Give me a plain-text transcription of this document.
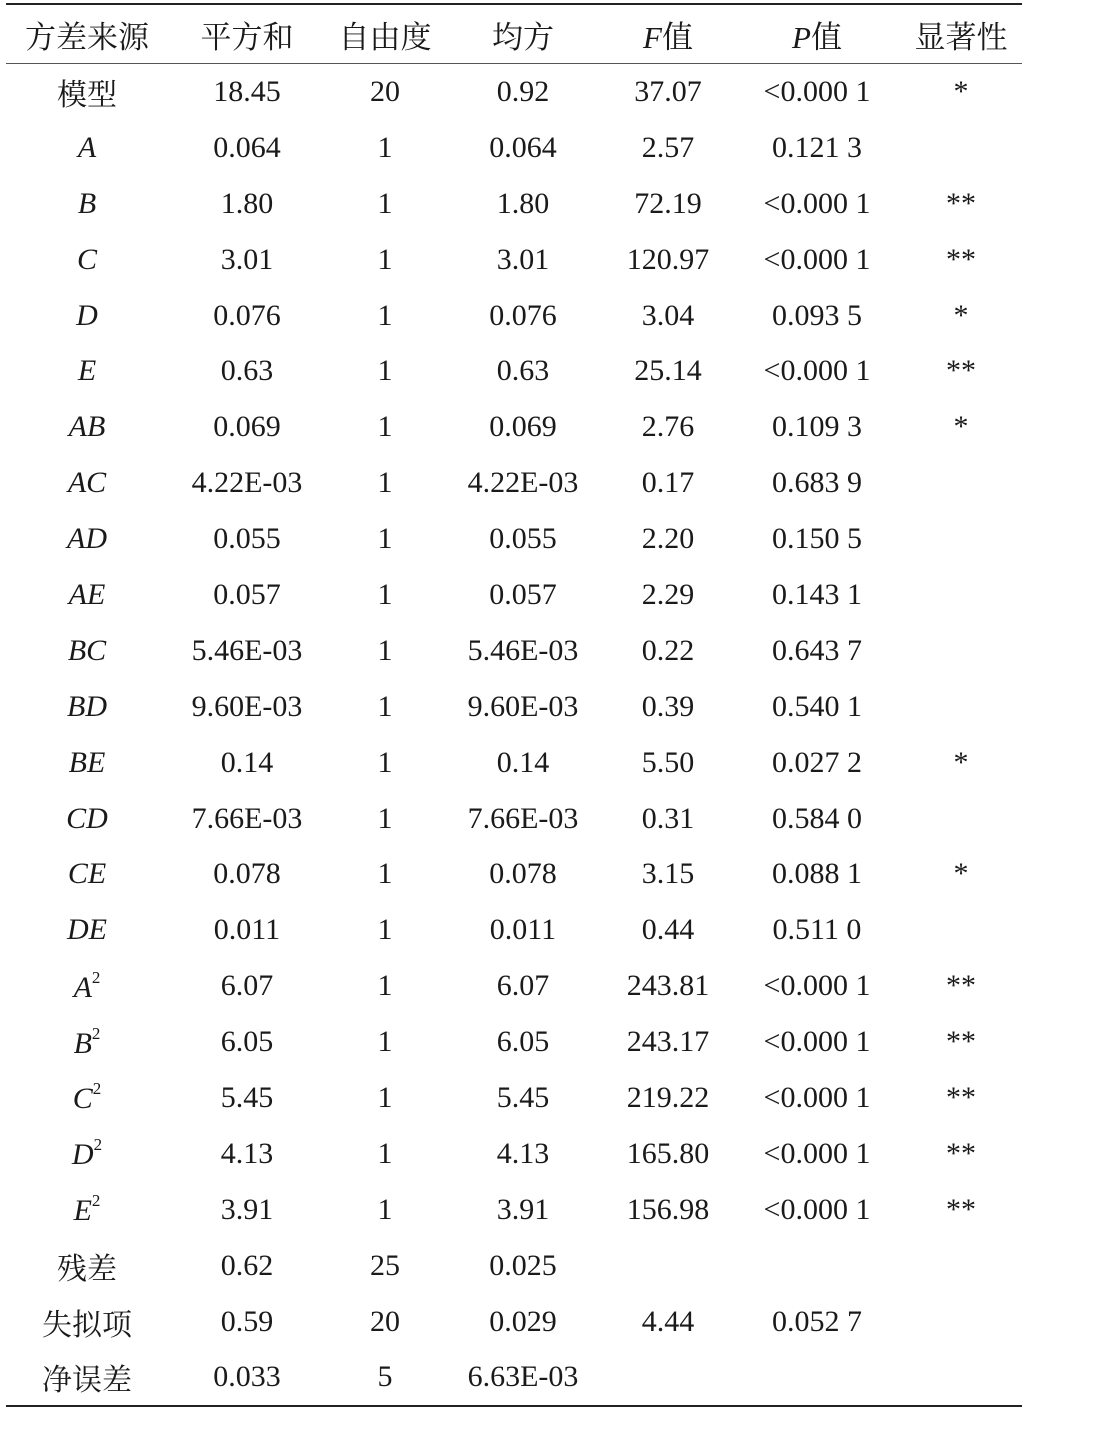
方差来源	平方和	自由度	均方	F值	P值	显著性
模型	18.45	20	0.92	37.07	<0.000 1	*
A	0.064	1	0.064	2.57	0.121 3	
B	1.80	1	1.80	72.19	<0.000 1	**
C	3.01	1	3.01	120.97	<0.000 1	**
D	0.076	1	0.076	3.04	0.093 5	*
E	0.63	1	0.63	25.14	<0.000 1	**
AB	0.069	1	0.069	2.76	0.109 3	*
AC	4.22E-03	1	4.22E-03	0.17	0.683 9	
AD	0.055	1	0.055	2.20	0.150 5	
AE	0.057	1	0.057	2.29	0.143 1	
BC	5.46E-03	1	5.46E-03	0.22	0.643 7	
BD	9.60E-03	1	9.60E-03	0.39	0.540 1	
BE	0.14	1	0.14	5.50	0.027 2	*
CD	7.66E-03	1	7.66E-03	0.31	0.584 0	
CE	0.078	1	0.078	3.15	0.088 1	*
DE	0.011	1	0.011	0.44	0.511 0	
$A^2$	6.07	1	6.07	243.81	<0.000 1	**
$B^2$	6.05	1	6.05	243.17	<0.000 1	**
$C^2$	5.45	1	5.45	219.22	<0.000 1	**
$D^2$	4.13	1	4.13	165.80	<0.000 1	**
$E^2$	3.91	1	3.91	156.98	<0.000 1	**
残差	0.62	25	0.025			
失拟项	0.59	20	0.029	4.44	0.052 7	
净误差	0.033	5	6.63E-03			
